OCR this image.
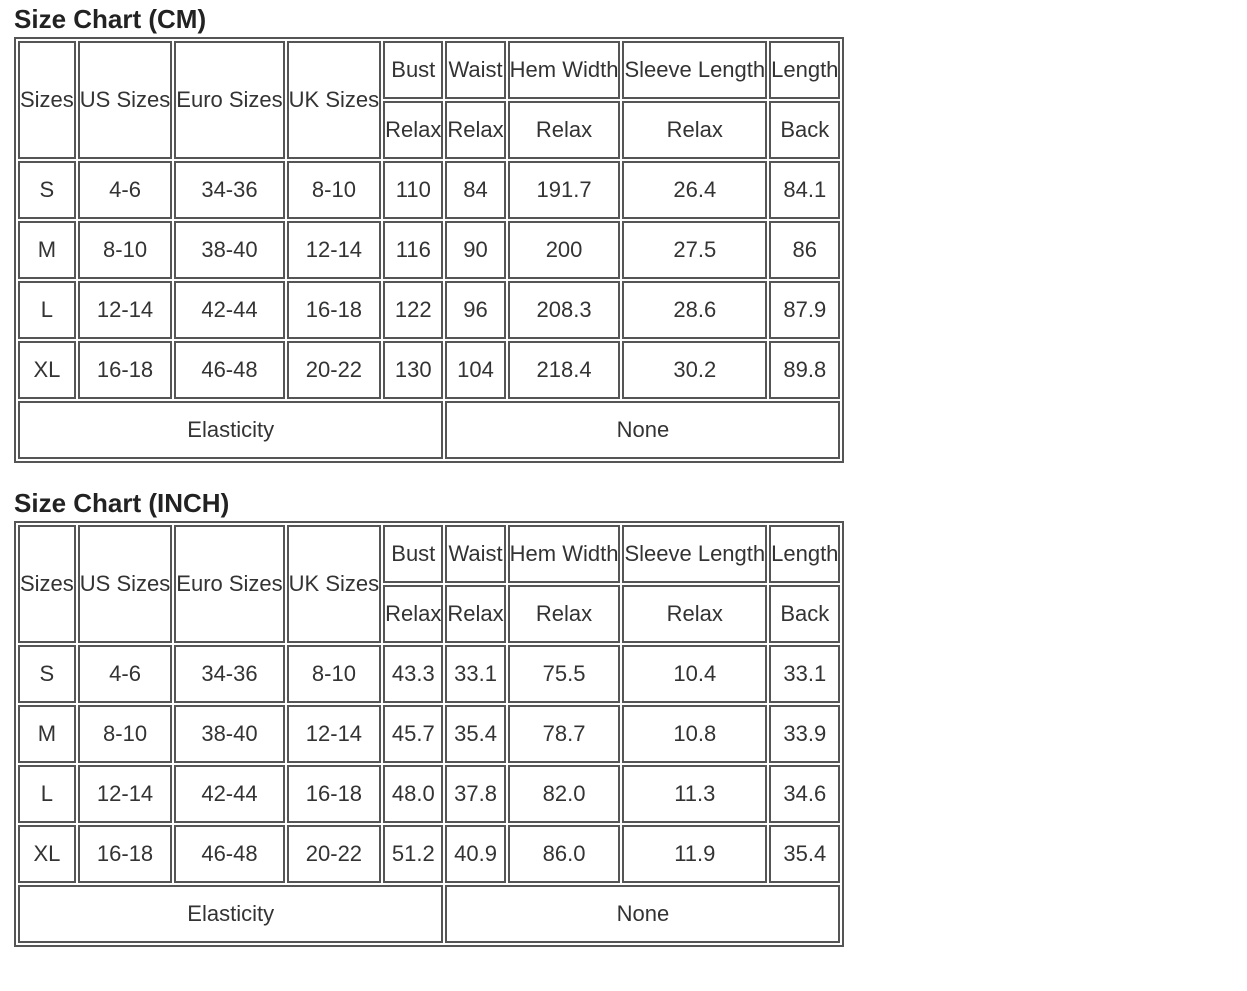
Size Chart (CM)
Sizes	US Sizes	Euro Sizes	UK Sizes	Bust	Waist	Hem Width	Sleeve Length	Length
				Relax	Relax	Relax	Relax	Back
S	4-6	34-36	8-10	110	84	191.7	26.4	84.1
M	8-10	38-40	12-14	116	90	200	27.5	86
L	12-14	42-44	16-18	122	96	208.3	28.6	87.9
XL	16-18	46-48	20-22	130	104	218.4	30.2	89.8
Elasticity					None			
Size Chart (INCH)
Sizes	US Sizes	Euro Sizes	UK Sizes	Bust	Waist	Hem Width	Sleeve Length	Length
				Relax	Relax	Relax	Relax	Back
S	4-6	34-36	8-10	43.3	33.1	75.5	10.4	33.1
M	8-10	38-40	12-14	45.7	35.4	78.7	10.8	33.9
L	12-14	42-44	16-18	48.0	37.8	82.0	11.3	34.6
XL	16-18	46-48	20-22	51.2	40.9	86.0	11.9	35.4
Elasticity					None			
